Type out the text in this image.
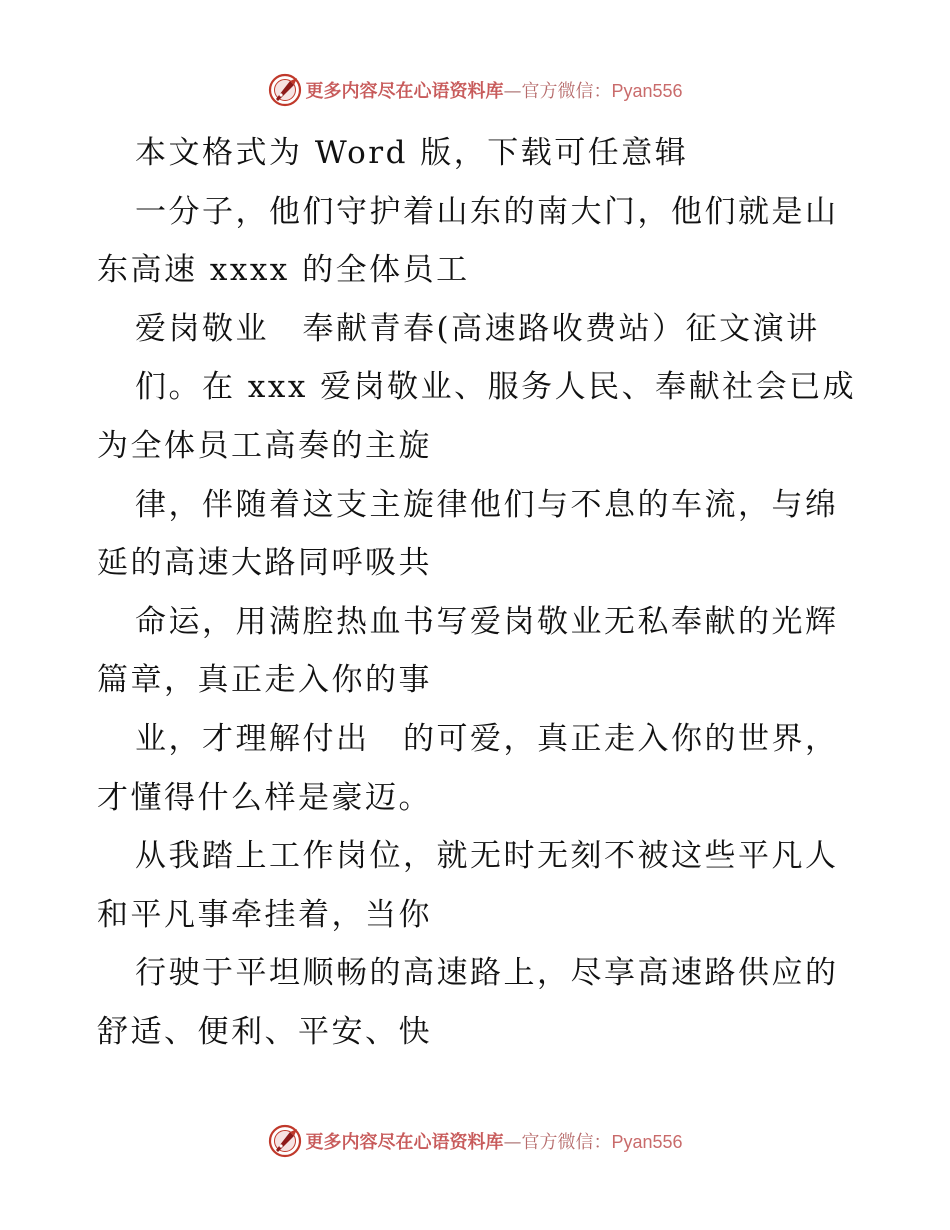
更多内容尽在心语资料库—官方微信：Pyan556

本文格式为 Word 版，下载可任意辑

一分子，他们守护着山东的南大门，他们就是山东高速 xxxx 的全体员工

爱岗敬业　奉献青春(高速路收费站）征文演讲

们。在 xxx 爱岗敬业、服务人民、奉献社会已成为全体员工高奏的主旋

律，伴随着这支主旋律他们与不息的车流，与绵延的高速大路同呼吸共

命运，用满腔热血书写爱岗敬业无私奉献的光辉篇章，真正走入你的事

业，才理解付出　的可爱，真正走入你的世界，才懂得什么样是豪迈。

从我踏上工作岗位，就无时无刻不被这些平凡人和平凡事牵挂着，当你

行驶于平坦顺畅的高速路上，尽享高速路供应的舒适、便利、平安、快

更多内容尽在心语资料库—官方微信：Pyan556
